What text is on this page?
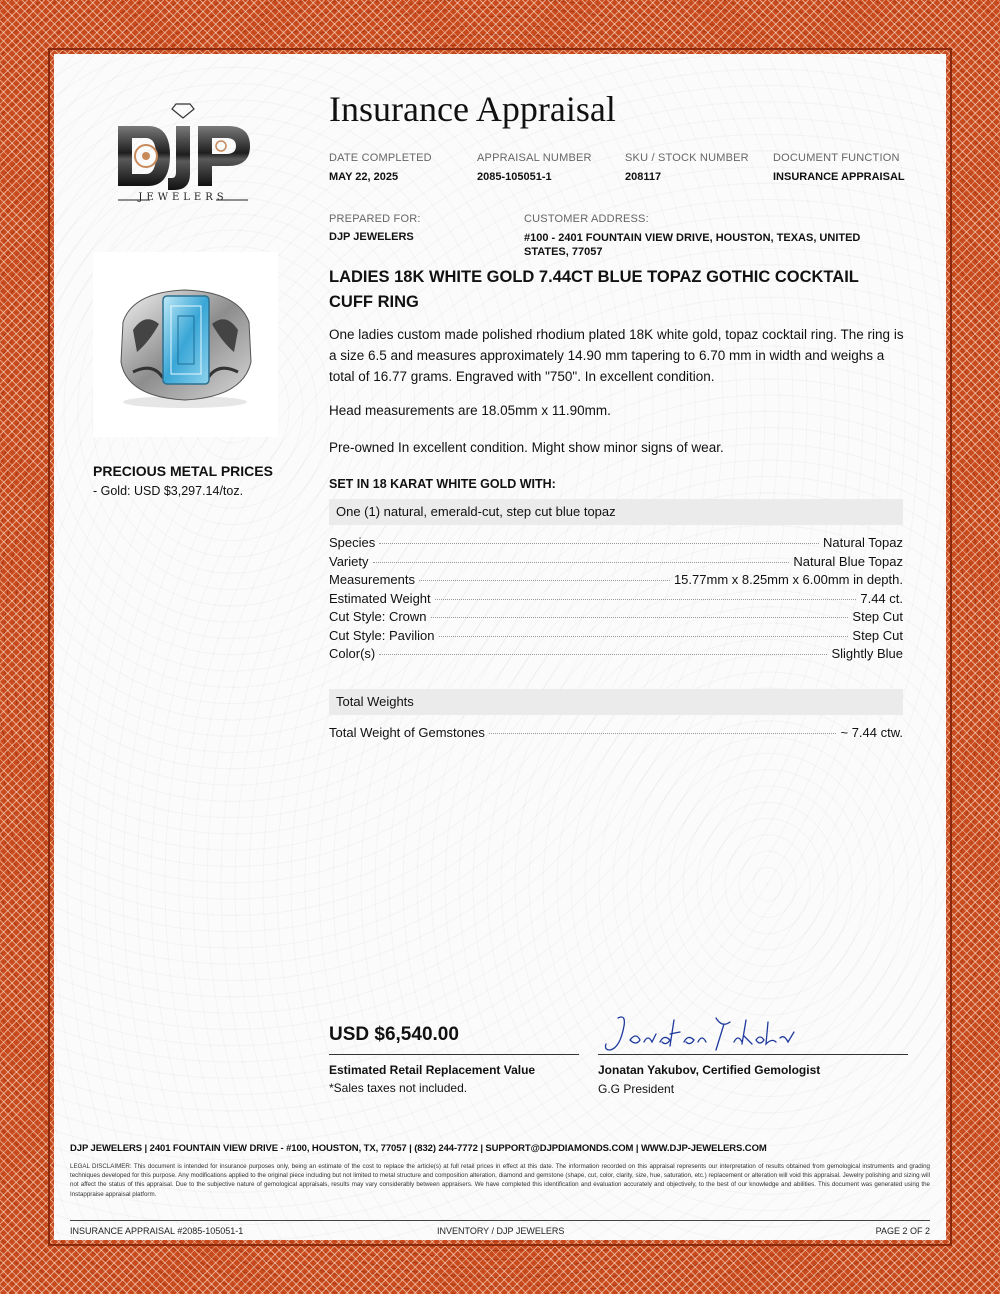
JEWELERS
PRECIOUS METAL PRICES
- Gold: USD $3,297.14/toz.
Insurance Appraisal
DATE COMPLETED
MAY 22, 2025
APPRAISAL NUMBER
2085-105051-1
SKU / STOCK NUMBER
208117
DOCUMENT FUNCTION
INSURANCE APPRAISAL
PREPARED FOR:
DJP JEWELERS
CUSTOMER ADDRESS:
#100 - 2401 FOUNTAIN VIEW DRIVE, HOUSTON, TEXAS, UNITED STATES, 77057
LADIES 18K WHITE GOLD 7.44CT BLUE TOPAZ GOTHIC COCKTAIL CUFF RING
One ladies custom made polished rhodium plated 18K white gold, topaz cocktail ring. The ring is a size 6.5 and measures approximately 14.90 mm tapering to 6.70 mm in width and weighs a total of 16.77 grams. Engraved with "750". In excellent condition.
Head measurements are 18.05mm x 11.90mm.
Pre-owned In excellent condition. Might show minor signs of wear.
SET IN 18 KARAT WHITE GOLD WITH:
One (1) natural, emerald-cut, step cut blue topaz
Species	Natural Topaz
Variety	Natural Blue Topaz
Measurements	15.77mm x 8.25mm x 6.00mm in depth.
Estimated Weight	7.44 ct.
Cut Style: Crown	Step Cut
Cut Style: Pavilion	Step Cut
Color(s)	Slightly Blue
Total Weights
Total Weight of Gemstones	~ 7.44 ctw.
USD $6,540.00
Estimated Retail Replacement Value
*Sales taxes not included.
Jonatan Yakubov, Certified Gemologist
G.G President
DJP JEWELERS | 2401 FOUNTAIN VIEW DRIVE - #100, HOUSTON, TX, 77057 | (832) 244-7772 | SUPPORT@DJPDIAMONDS.COM | WWW.DJP-JEWELERS.COM
LEGAL DISCLAIMER: This document is intended for insurance purposes only, being an estimate of the cost to replace the article(s) at full retail prices in effect at this date. The information recorded on this appraisal represents our interpretation of results obtained from gemological instruments and grading techniques developed for this purpose. Any modifications applied to the original piece including but not limited to metal structure and composition alteration, diamond and gemstone (shape, cut, color, clarity, size, hue, saturation, etc.) replacement or alteration will void this appraisal. Jewelry polishing and sizing will not affect the status of this appraisal. Due to the subjective nature of gemological appraisals, results may vary considerably between appraisers. We have completed this identification and evaluation accurately and objectively, to the best of our knowledge and abilities. This document was generated using the Instappraise appraisal platform.
INSURANCE APPRAISAL #2085-105051-1	INVENTORY / DJP JEWELERS	PAGE 2 OF 2
